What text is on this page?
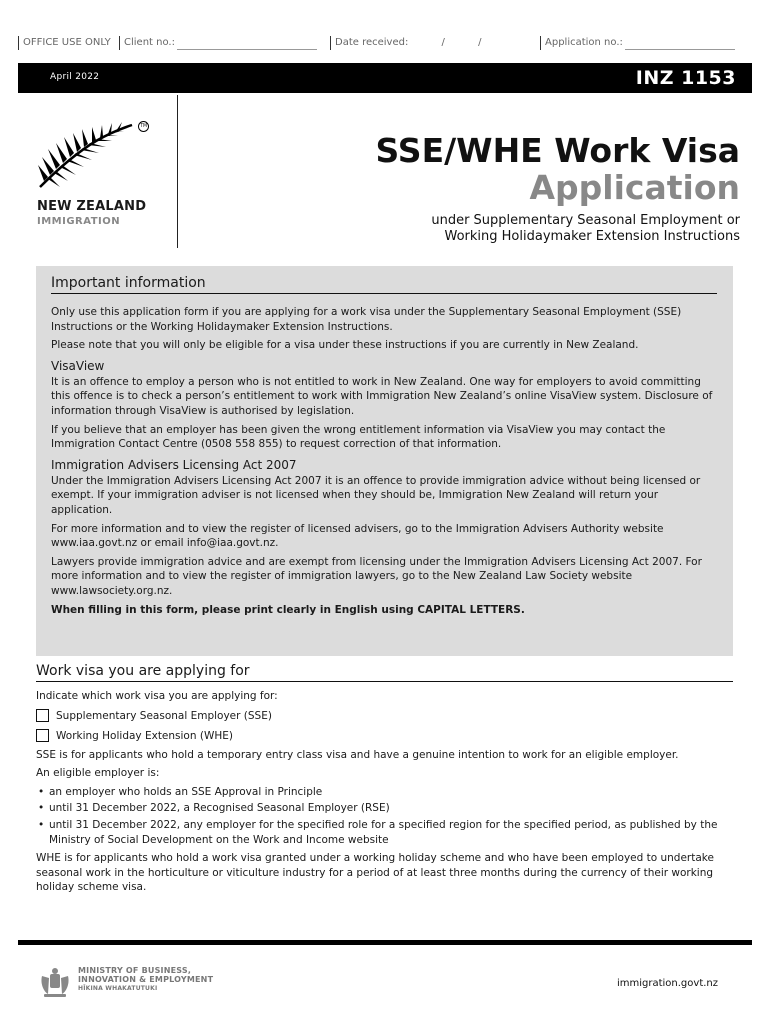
OFFICE USE ONLY	Client no.:	Date received:	/	/	Application no.:
April 2022	INZ 1153
TM
NEW ZEALAND
IMMIGRATION
SSE/WHE Work Visa
Application
under Supplementary Seasonal Employment or
Working Holidaymaker Extension Instructions
Important information

Only use this application form if you are applying for a work visa under the Supplementary Seasonal Employment (SSE) Instructions or the Working Holidaymaker Extension Instructions.

Please note that you will only be eligible for a visa under these instructions if you are currently in New Zealand.

VisaView

It is an offence to employ a person who is not entitled to work in New Zealand. One way for employers to avoid committing this offence is to check a person’s entitlement to work with Immigration New Zealand’s online VisaView system. Disclosure of information through VisaView is authorised by legislation.

If you believe that an employer has been given the wrong entitlement information via VisaView you may contact the Immigration Contact Centre (0508 558 855) to request correction of that information.

Immigration Advisers Licensing Act 2007

Under the Immigration Advisers Licensing Act 2007 it is an offence to provide immigration advice without being licensed or exempt. If your immigration adviser is not licensed when they should be, Immigration New Zealand will return your application.

For more information and to view the register of licensed advisers, go to the Immigration Advisers Authority website www.iaa.govt.nz or email info@iaa.govt.nz.

Lawyers provide immigration advice and are exempt from licensing under the Immigration Advisers Licensing Act 2007. For more information and to view the register of immigration lawyers, go to the New Zealand Law Society website www.lawsociety.org.nz.

When filling in this form, please print clearly in English using CAPITAL LETTERS.

Work visa you are applying for

Indicate which work visa you are applying for:

Supplementary Seasonal Employer (SSE)
Working Holiday Extension (WHE)

SSE is for applicants who hold a temporary entry class visa and have a genuine intention to work for an eligible employer.

An eligible employer is:

• an employer who holds an SSE Approval in Principle
• until 31 December 2022, a Recognised Seasonal Employer (RSE)
• until 31 December 2022, any employer for the specified role for a specified region for the specified period, as published by the Ministry of Social Development on the Work and Income website

WHE is for applicants who hold a work visa granted under a working holiday scheme and who have been employed to undertake seasonal work in the horticulture or viticulture industry for a period of at least three months during the currency of their working holiday scheme visa.

MINISTRY OF BUSINESS,
INNOVATION & EMPLOYMENT
HĪKINA WHAKATUTUKI	immigration.govt.nz
